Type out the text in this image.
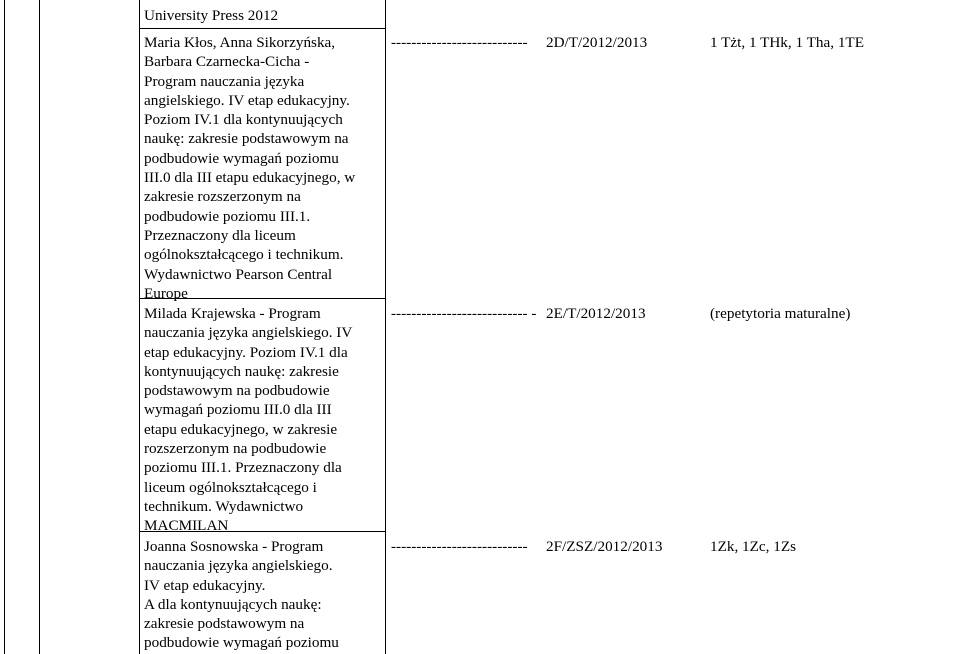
University Press 2012
Maria Kłos, Anna Sikorzyńska,
Barbara Czarnecka-Cicha -
Program nauczania języka
angielskiego. IV etap edukacyjny.
Poziom IV.1 dla kontynuujących
naukę: zakresie podstawowym na
podbudowie wymagań poziomu
III.0 dla III etapu edukacyjnego, w
zakresie rozszerzonym na
podbudowie poziomu III.1.
Przeznaczony dla liceum
ogólnokształcącego i technikum.
Wydawnictwo Pearson Central
Europe
--------------------------- 2D/T/2012/2013	1 Tżt, 1 THk, 1 Tha, 1TE
Milada Krajewska - Program
nauczania języka angielskiego. IV
etap edukacyjny. Poziom IV.1 dla
kontynuujących naukę: zakresie
podstawowym na podbudowie
wymagań poziomu III.0 dla III
etapu edukacyjnego, w zakresie
rozszerzonym na podbudowie
poziomu III.1. Przeznaczony dla
liceum ogólnokształcącego i
technikum. Wydawnictwo
MACMILAN
--------------------------- - 2E/T/2012/2013	(repetytoria maturalne)
Joanna Sosnowska - Program
nauczania języka angielskiego.
IV etap edukacyjny.
A dla kontynuujących naukę:
zakresie podstawowym na
podbudowie wymagań poziomu
--------------------------- 2F/ZSZ/2012/2013	1Zk, 1Zc, 1Zs
